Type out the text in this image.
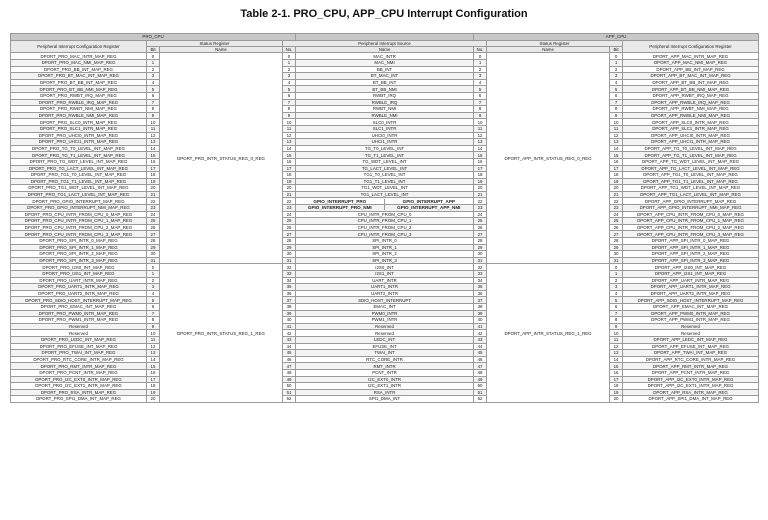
Table 2-1. PRO_CPU, APP_CPU Interrupt Configuration
PRO_CPU					APP_CPU			
Peripheral Interrupt Configuration Register	Status Register		Peripheral Interrupt Source			Status Register		Peripheral Interrupt Configuration Register
			No.	Name	No.			
	Bit	Name				Name	Bit	
DPORT_PRO_MAC_INTR_MAP_REG	0	DPORT_PRO_INTR_STATUS_REG_0_REG	0	MAC_INTR	0	DPORT_APP_INTR_STATUS_REG_0_REG	0	DPORT_APP_MAC_INTR_MAP_REG
DPORT_PRO_MAC_NMI_MAP_REG	1		1	MAC_NMI	1		1	DPORT_APP_MAC_NMI_MAP_REG
DPORT_PRO_BB_INT_MAP_REG	2		2	BB_INT	2		2	DPORT_APP_BB_INT_MAP_REG
DPORT_PRO_BT_MAC_INT_MAP_REG	3		3	BT_MAC_INT	3		3	DPORT_APP_BT_MAC_INT_MAP_REG
DPORT_PRO_BT_BB_INT_MAP_REG	4		4	BT_BB_INT	4		4	DPORT_APP_BT_BB_INT_MAP_REG
DPORT_PRO_BT_BB_NMI_MAP_REG	5		5	BT_BB_NMI	5		5	DPORT_APP_BT_BB_NMI_MAP_REG
DPORT_PRO_RWBT_IRQ_MAP_REG	6		6	RWBT_IRQ	6		6	DPORT_APP_RWBT_IRQ_MAP_REG
DPORT_PRO_RWBLE_IRQ_MAP_REG	7		7	RWBLE_IRQ	7		7	DPORT_APP_RWBLE_IRQ_MAP_REG
DPORT_PRO_RWBT_NMI_MAP_REG	8		8	RWBT_NMI	8		8	DPORT_APP_RWBT_NMI_MAP_REG
DPORT_PRO_RWBLE_NMI_MAP_REG	9		9	RWBLE_NMI	9		9	DPORT_APP_RWBLE_NMI_MAP_REG
DPORT_PRO_SLC0_INTR_MAP_REG	10		10	SLC0_INTR	10		10	DPORT_APP_SLC0_INTR_MAP_REG
DPORT_PRO_SLC1_INTR_MAP_REG	11		11	SLC1_INTR	11		11	DPORT_APP_SLC1_INTR_MAP_REG
DPORT_PRO_UHCI0_INTR_MAP_REG	12		12	UHCI0_INTR	12		12	DPORT_APP_UHCI0_INTR_MAP_REG
DPORT_PRO_UHCI1_INTR_MAP_REG	13		13	UHCI1_INTR	13		13	DPORT_APP_UHCI1_INTR_MAP_REG
DPORT_PRO_TG_T0_LEVEL_INT_MAP_REG	14		14	TG_T0_LEVEL_INT	14		14	DPORT_APP_TG_T0_LEVEL_INT_MAP_REG
DPORT_PRO_TG_T1_LEVEL_INT_MAP_REG	15		15	TG_T1_LEVEL_INT	15		15	DPORT_APP_TG_T1_LEVEL_INT_MAP_REG
DPORT_PRO_TG_WDT_LEVEL_INT_MAP_REG	16		16	TG_WDT_LEVEL_INT	16		16	DPORT_APP_TG_WDT_LEVEL_INT_MAP_REG
DPORT_PRO_TG_LACT_LEVEL_INT_MAP_REG	17		17	TG_LACT_LEVEL_INT	17		17	DPORT_APP_TG_LACT_LEVEL_INT_MAP_REG
DPORT_PRO_TG1_T0_LEVEL_INT_MAP_REG	18		18	TG1_T0_LEVEL_INT	18		18	DPORT_APP_TG1_T0_LEVEL_INT_MAP_REG
DPORT_PRO_TG1_T1_LEVEL_INT_MAP_REG	19		19	TG1_T1_LEVEL_INT	19		19	DPORT_APP_TG1_T1_LEVEL_INT_MAP_REG
DPORT_PRO_TG1_WDT_LEVEL_INT_MAP_REG	20		20	TG1_WDT_LEVEL_INT	20		20	DPORT_APP_TG1_WDT_LEVEL_INT_MAP_REG
DPORT_PRO_TG1_LACT_LEVEL_INT_MAP_REG	21		21	TG1_LACT_LEVEL_INT	21		21	DPORT_APP_TG1_LACT_LEVEL_INT_MAP_REG
DPORT_PRO_GPIO_INTERRUPT_MAP_REG	22		22	GPIO_INTERRUPT_PRO GPIO_INTERRUPT_APP	22		22	DPORT_APP_GPIO_INTERRUPT_MAP_REG
DPORT_PRO_GPIO_INTERRUPT_NMI_MAP_REG	23		23	GPIO_INTERRUPT_PRO_NMI GPIO_INTERRUPT_APP_NMI	23		23	DPORT_APP_GPIO_INTERRUPT_NMI_MAP_REG
DPORT_PRO_CPU_INTR_FROM_CPU_0_MAP_REG	24		24	CPU_INTR_FROM_CPU_0	24		24	DPORT_APP_CPU_INTR_FROM_CPU_0_MAP_REG
DPORT_PRO_CPU_INTR_FROM_CPU_1_MAP_REG	25		25	CPU_INTR_FROM_CPU_1	25		25	DPORT_APP_CPU_INTR_FROM_CPU_1_MAP_REG
DPORT_PRO_CPU_INTR_FROM_CPU_2_MAP_REG	26		26	CPU_INTR_FROM_CPU_2	26		26	DPORT_APP_CPU_INTR_FROM_CPU_2_MAP_REG
DPORT_PRO_CPU_INTR_FROM_CPU_3_MAP_REG	27		27	CPU_INTR_FROM_CPU_3	27		27	DPORT_APP_CPU_INTR_FROM_CPU_3_MAP_REG
DPORT_PRO_SPI_INTR_0_MAP_REG	28		28	SPI_INTR_0	28		28	DPORT_APP_SPI_INTR_0_MAP_REG
DPORT_PRO_SPI_INTR_1_MAP_REG	29		29	SPI_INTR_1	29		29	DPORT_APP_SPI_INTR_1_MAP_REG
DPORT_PRO_SPI_INTR_2_MAP_REG	30		30	SPI_INTR_2	30		30	DPORT_APP_SPI_INTR_2_MAP_REG
DPORT_PRO_SPI_INTR_3_MAP_REG	31		31	SPI_INTR_3	31		31	DPORT_APP_SPI_INTR_3_MAP_REG
DPORT_PRO_I2S0_INT_MAP_REG	0	DPORT_PRO_INTR_STATUS_REG_1_REG	32	I2S0_INT	32	DPORT_APP_INTR_STATUS_REG_1_REG	0	DPORT_APP_I2S0_INT_MAP_REG
DPORT_PRO_I2S1_INT_MAP_REG	1		33	I2S1_INT	33		1	DPORT_APP_I2S1_INT_MAP_REG
DPORT_PRO_UART_INTR_MAP_REG	2		34	UART_INTR	34		2	DPORT_APP_UART_INTR_MAP_REG
DPORT_PRO_UART1_INTR_MAP_REG	3		35	UART1_INTR	35		3	DPORT_APP_UART1_INTR_MAP_REG
DPORT_PRO_UART2_INTR_MAP_REG	4		36	UART2_INTR	36		4	DPORT_APP_UART2_INTR_MAP_REG
DPORT_PRO_SDIO_HOST_INTERRUPT_MAP_REG	5		37	SDIO_HOST_INTERRUPT	37		5	DPORT_APP_SDIO_HOST_INTERRUPT_MAP_REG
DPORT_PRO_EMAC_INT_MAP_REG	6		38	EMAC_INT	38		6	DPORT_APP_EMAC_INT_MAP_REG
DPORT_PRO_PWM0_INTR_MAP_REG	7		39	PWM0_INTR	39		7	DPORT_APP_PWM0_INTR_MAP_REG
DPORT_PRO_PWM1_INTR_MAP_REG	8		40	PWM1_INTR	40		8	DPORT_APP_PWM1_INTR_MAP_REG
Reserved	9		41	Reserved	41		9	Reserved
Reserved	10		42	Reserved	42		10	Reserved
DPORT_PRO_LEDC_INT_MAP_REG	11		43	LEDC_INT	43		11	DPORT_APP_LEDC_INT_MAP_REG
DPORT_PRO_EFUSE_INT_MAP_REG	12		44	EFUSE_INT	44		12	DPORT_APP_EFUSE_INT_MAP_REG
DPORT_PRO_TWAI_INT_MAP_REG	13		45	TWAI_INT	45		13	DPORT_APP_TWAI_INT_MAP_REG
DPORT_PRO_RTC_CORE_INTR_MAP_REG	14		46	RTC_CORE_INTR	46		14	DPORT_APP_RTC_CORE_INTR_MAP_REG
DPORT_PRO_RMT_INTR_MAP_REG	15		47	RMT_INTR	47		15	DPORT_APP_RMT_INTR_MAP_REG
DPORT_PRO_PCNT_INTR_MAP_REG	16		48	PCNT_INTR	48		16	DPORT_APP_PCNT_INTR_MAP_REG
DPORT_PRO_I2C_EXT0_INTR_MAP_REG	17		49	I2C_EXT0_INTR	49		17	DPORT_APP_I2C_EXT0_INTR_MAP_REG
DPORT_PRO_I2C_EXT1_INTR_MAP_REG	18		50	I2C_EXT1_INTR	50		18	DPORT_APP_I2C_EXT1_INTR_MAP_REG
DPORT_PRO_RSA_INTR_MAP_REG	19		51	RSA_INTR	51		19	DPORT_APP_RSA_INTR_MAP_REG
DPORT_PRO_SPI1_DMA_INT_MAP_REG	20		52	SPI1_DMA_INT	52		20	DPORT_APP_SPI1_DMA_INT_MAP_REG
